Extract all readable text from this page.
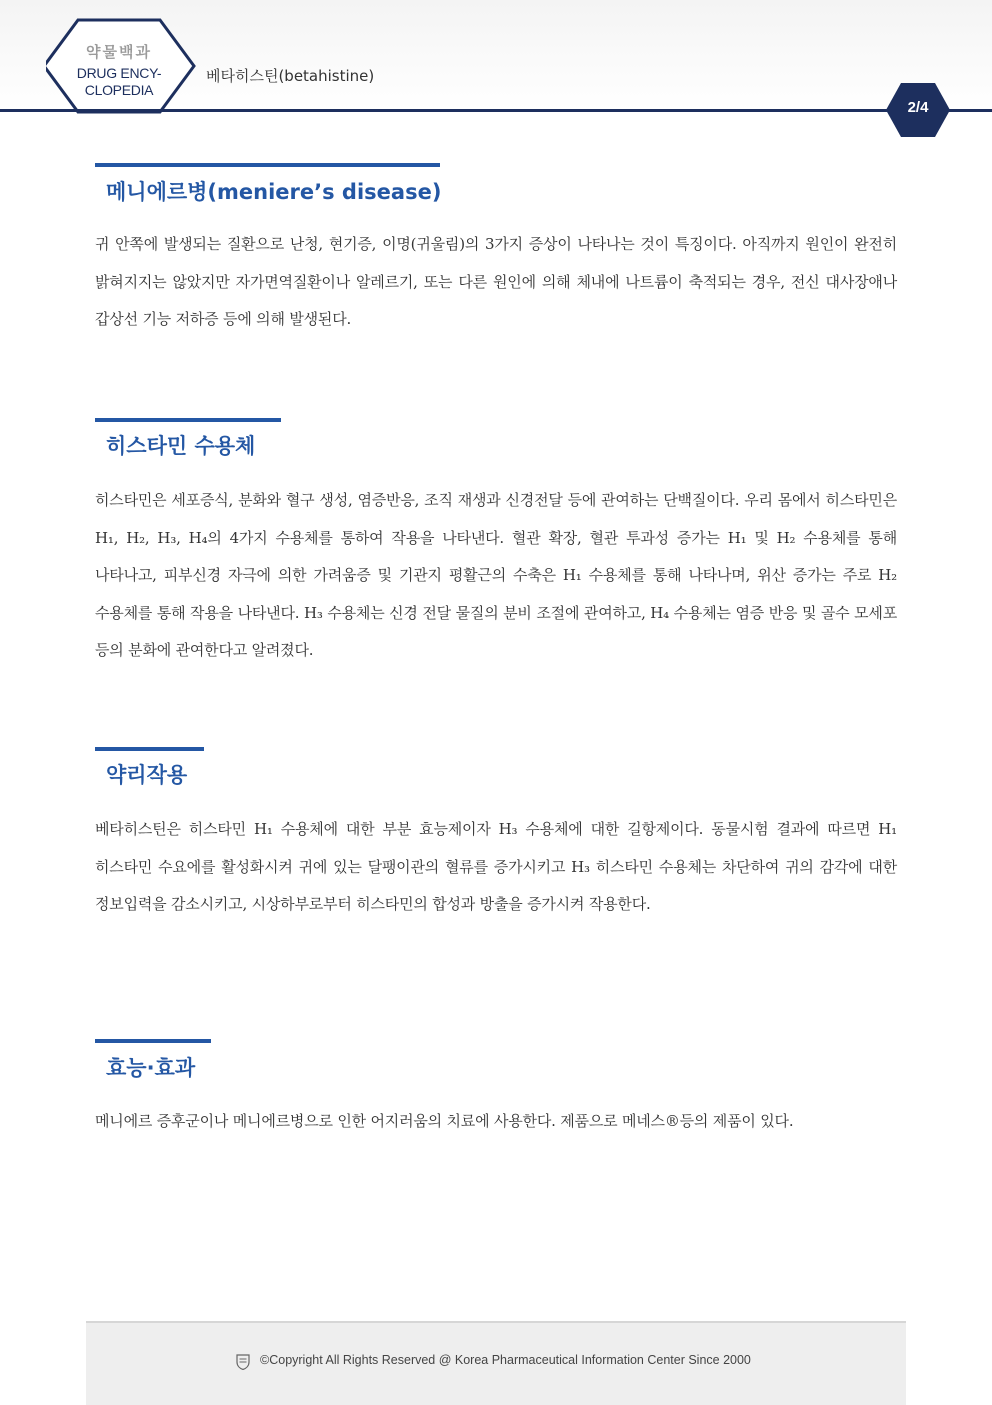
약물백과
DRUG ENCY-
CLOPEDIA
베타히스틴(betahistine)
2/4
메니에르병(meniere’s disease)
귀 안쪽에 발생되는 질환으로 난청, 현기증, 이명(귀울림)의 3가지 증상이 나타나는 것이 특징이다. 아직까지 원인이 완전히 밝혀지지는 않았지만 자가면역질환이나 알레르기, 또는 다른 원인에 의해 체내에 나트륨이 축적되는 경우, 전신 대사장애나 갑상선 기능 저하증 등에 의해 발생된다.
히스타민 수용체
히스타민은 세포증식, 분화와 혈구 생성, 염증반응, 조직 재생과 신경전달 등에 관여하는 단백질이다. 우리 몸에서 히스타민은 H₁, H₂, H₃, H₄의 4가지 수용체를 통하여 작용을 나타낸다. 혈관 확장, 혈관 투과성 증가는 H₁ 및 H₂ 수용체를 통해 나타나고, 피부신경 자극에 의한 가려움증 및 기관지 평활근의 수축은 H₁ 수용체를 통해 나타나며, 위산 증가는 주로 H₂ 수용체를 통해 작용을 나타낸다. H₃ 수용체는 신경 전달 물질의 분비 조절에 관여하고, H₄ 수용체는 염증 반응 및 골수 모세포 등의 분화에 관여한다고 알려졌다.
약리작용
베타히스틴은 히스타민 H₁ 수용체에 대한 부분 효능제이자 H₃ 수용체에 대한 길항제이다. 동물시험 결과에 따르면 H₁ 히스타민 수요에를 활성화시켜 귀에 있는 달팽이관의 혈류를 증가시키고 H₃ 히스타민 수용체는 차단하여 귀의 감각에 대한 정보입력을 감소시키고, 시상하부로부터 히스타민의 합성과 방출을 증가시켜 작용한다.
효능·효과
메니에르 증후군이나 메니에르병으로 인한 어지러움의 치료에 사용한다. 제품으로 메네스®등의 제품이 있다.
©Copyright All Rights Reserved @ Korea Pharmaceutical Information Center Since 2000
